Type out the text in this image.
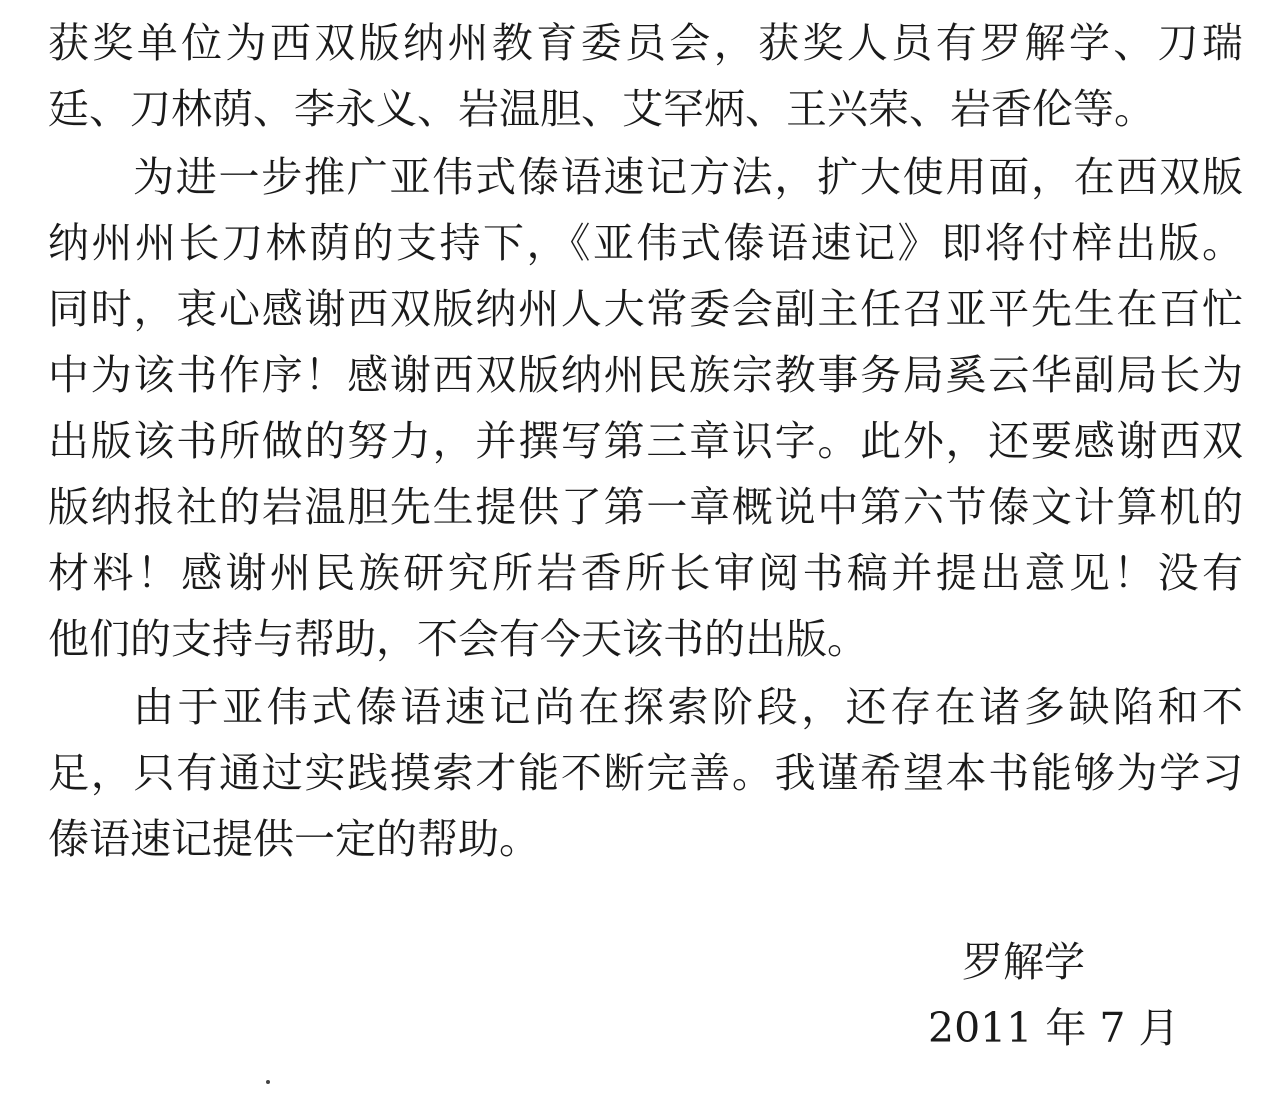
获奖单位为西双版纳州教育委员会，获奖人员有罗解学、刀瑞
廷、刀林荫、李永义、岩温胆、艾罕炳、王兴荣、岩香伦等。
为进一步推广亚伟式傣语速记方法，扩大使用面，在西双版
纳州州长刀林荫的支持下，《亚伟式傣语速记》即将付梓出版。
同时，衷心感谢西双版纳州人大常委会副主任召亚平先生在百忙
中为该书作序！感谢西双版纳州民族宗教事务局奚云华副局长为
出版该书所做的努力，并撰写第三章识字。此外，还要感谢西双
版纳报社的岩温胆先生提供了第一章概说中第六节傣文计算机的
材料！感谢州民族研究所岩香所长审阅书稿并提出意见！没有
他们的支持与帮助，不会有今天该书的出版。
由于亚伟式傣语速记尚在探索阶段，还存在诸多缺陷和不
足，只有通过实践摸索才能不断完善。我谨希望本书能够为学习
傣语速记提供一定的帮助。
罗解学
2011 年 7 月
